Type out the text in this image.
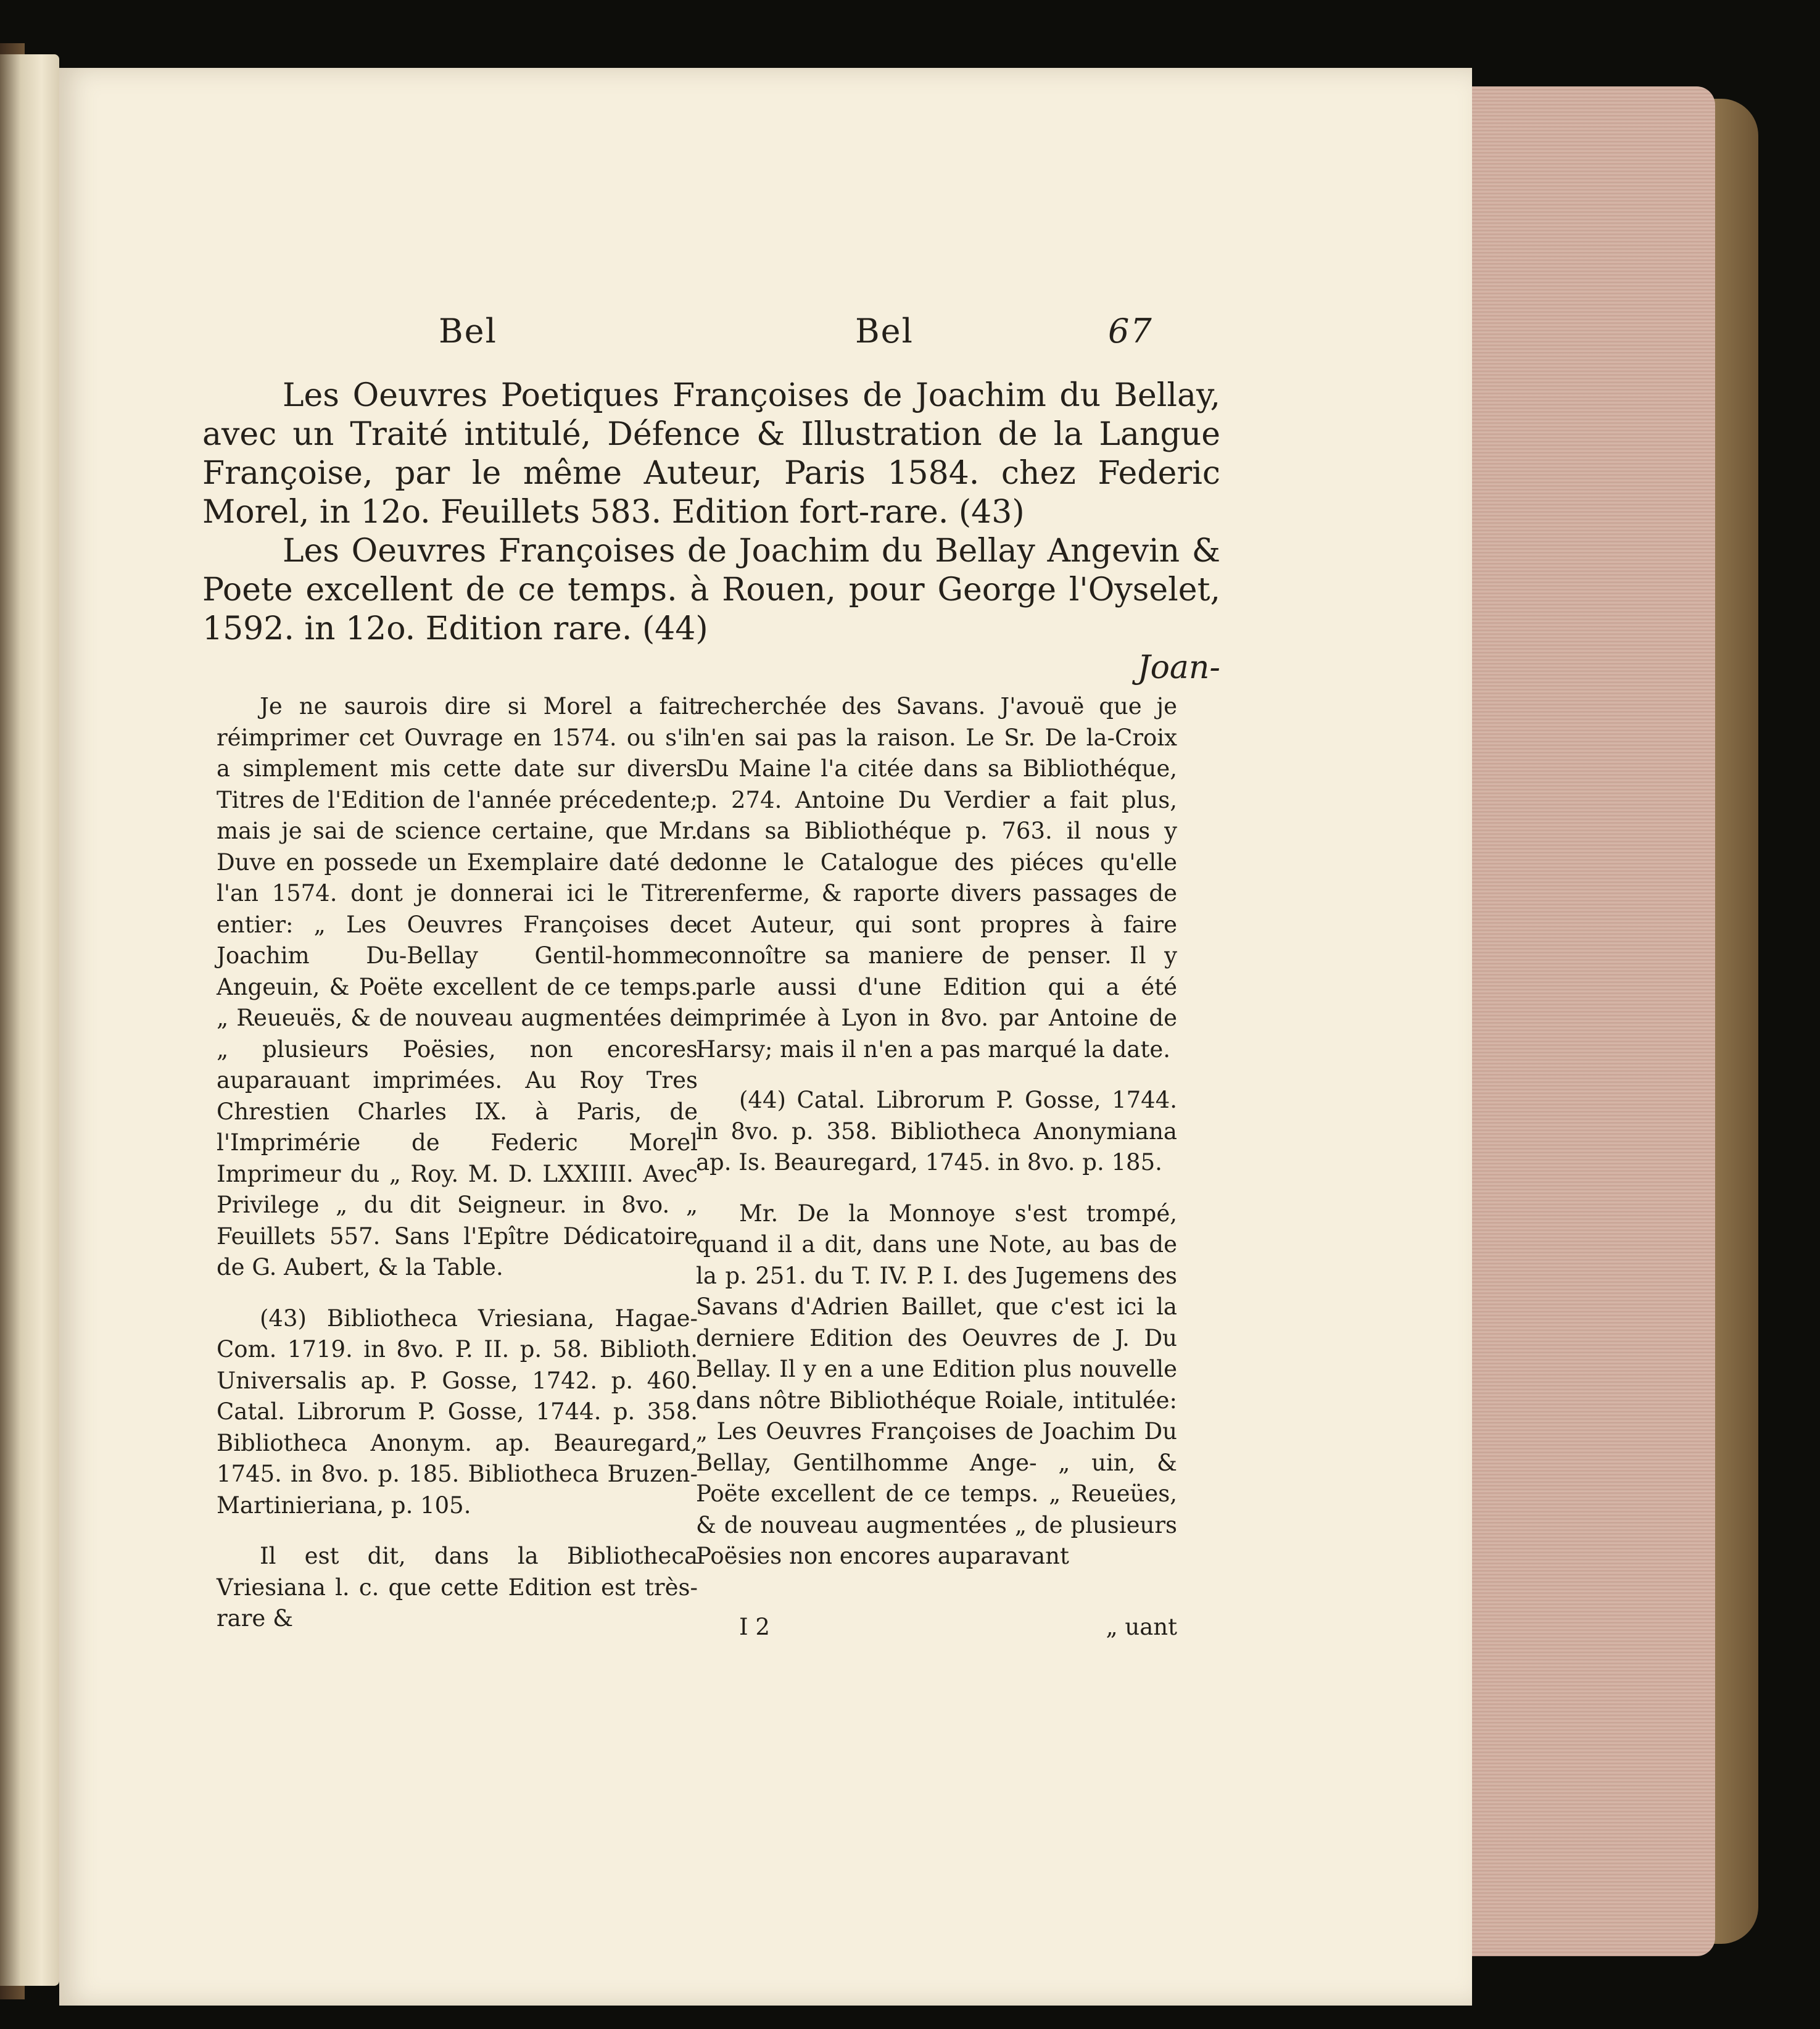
Bel	Bel	67

Les Oeuvres Poetiques Françoises de Joachim du Bellay, avec un Traité intitulé, Défence & Illustration de la Langue Françoise, par le même Auteur, Paris 1584. chez Federic Morel, in 12o. Feuillets 583. Edition fort-rare. (43)

Les Oeuvres Françoises de Joachim du Bellay Angevin & Poete excellent de ce temps. à Rouen, pour George l'Oyselet, 1592. in 12o. Edition rare. (44)

Joan-

Je ne saurois dire si Morel a fait réimprimer cet Ouvrage en 1574. ou s'il a simplement mis cette date sur divers Titres de l'Edition de l'année précedente; mais je sai de science certaine, que Mr. Duve en possede un Exemplaire daté de l'an 1574. dont je donnerai ici le Titre entier: „ Les Oeuvres Françoises de Joachim Du-Bellay Gentil-homme Angeuin, & Poëte excellent de ce temps. „ Reueuës, & de nouveau augmentées de „ plusieurs Poësies, non encores auparauant imprimées. Au Roy Tres Chrestien Charles IX. à Paris, de l'Imprimérie de Federic Morel Imprimeur du „ Roy. M. D. LXXIIII. Avec Privilege „ du dit Seigneur. in 8vo. „ Feuillets 557. Sans l'Epître Dédicatoire de G. Aubert, & la Table.

(43) Bibliotheca Vriesiana, Hagae-Com. 1719. in 8vo. P. II. p. 58. Biblioth. Universalis ap. P. Gosse, 1742. p. 460. Catal. Librorum P. Gosse, 1744. p. 358. Bibliotheca Anonym. ap. Beauregard, 1745. in 8vo. p. 185. Bibliotheca Bruzen-Martinieriana, p. 105.

Il est dit, dans la Bibliotheca Vriesiana l. c. que cette Edition est très-rare &

recherchée des Savans. J'avouë que je n'en sai pas la raison. Le Sr. De la-Croix Du Maine l'a citée dans sa Bibliothéque, p. 274. Antoine Du Verdier a fait plus, dans sa Bibliothéque p. 763. il nous y donne le Catalogue des piéces qu'elle renferme, & raporte divers passages de cet Auteur, qui sont propres à faire connoître sa maniere de penser. Il y parle aussi d'une Edition qui a été imprimée à Lyon in 8vo. par Antoine de Harsy; mais il n'en a pas marqué la date.

(44) Catal. Librorum P. Gosse, 1744. in 8vo. p. 358. Bibliotheca Anonymiana ap. Is. Beauregard, 1745. in 8vo. p. 185.

Mr. De la Monnoye s'est trompé, quand il a dit, dans une Note, au bas de la p. 251. du T. IV. P. I. des Jugemens des Savans d'Adrien Baillet, que c'est ici la derniere Edition des Oeuvres de J. Du Bellay. Il y en a une Edition plus nouvelle dans nôtre Bibliothéque Roiale, intitulée: „ Les Oeuvres Françoises de Joachim Du Bellay, Gentilhomme Ange- „ uin, & Poëte excellent de ce temps. „ Reueües, & de nouveau augmentées „ de plusieurs Poësies non encores auparavant

I 2	„ uant
